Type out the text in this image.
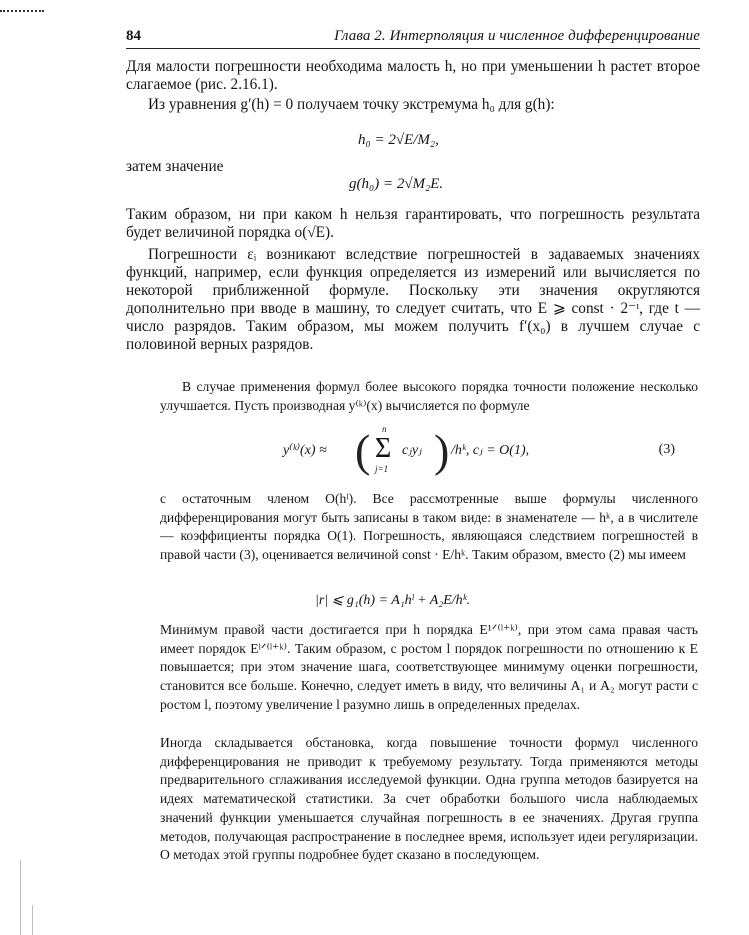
84	Глава 2. Интерполяция и численное дифференцирование

Для малости погрешности необходима малость h, но при уменьшении h растет второе слагаемое (рис. 2.16.1).

Из уравнения g′(h) = 0 получаем точку экстремума h₀ для g(h):

h₀ = 2√E/M₂,

затем значение

g(h₀) = 2√M₂E.

Таким образом, ни при каком h нельзя гарантировать, что погрешность результата будет величиной порядка o(√E).

Погрешности εᵢ возникают вследствие погрешностей в задаваемых значениях функций, например, если функция определяется из измерений или вычисляется по некоторой приближенной формуле. Поскольку эти значения округляются дополнительно при вводе в машину, то следует считать, что E ⩾ const · 2⁻ᵗ, где t — число разрядов. Таким образом, мы можем получить f′(x₀) в лучшем случае с половиной верных разрядов.

В случае применения формул более высокого порядка точности положение несколько улучшается. Пусть производная y⁽ᵏ⁾(x) вычисляется по формуле

y⁽ᵏ⁾(x) ≈ ( n
Σ
j=1
cⱼyⱼ ) /hᵏ, cⱼ = O(1),	(3)

с остаточным членом O(hˡ). Все рассмотренные выше формулы численного дифференцирования могут быть записаны в таком виде: в знаменателе — hᵏ, а в числителе — коэффициенты порядка O(1). Погрешность, являющаяся следствием погрешностей в правой части (3), оценивается величиной const · E/hᵏ. Таким образом, вместо (2) мы имеем

|r| ⩽ g₁(h) = A₁hˡ + A₂E/hᵏ.

Минимум правой части достигается при h порядка E¹ᐟ⁽ˡ⁺ᵏ⁾, при этом сама правая часть имеет порядок Eˡᐟ⁽ˡ⁺ᵏ⁾. Таким образом, с ростом l порядок погрешности по отношению к E повышается; при этом значение шага, соответствующее минимуму оценки погрешности, становится все больше. Конечно, следует иметь в виду, что величины A₁ и A₂ могут расти с ростом l, поэтому увеличение l разумно лишь в определенных пределах.

Иногда складывается обстановка, когда повышение точности формул численного дифференцирования не приводит к требуемому результату. Тогда применяются методы предварительного сглаживания исследуемой функции. Одна группа методов базируется на идеях математической статистики. За счет обработки большого числа наблюдаемых значений функции уменьшается случайная погрешность в ее значениях. Другая группа методов, получающая распространение в последнее время, использует идеи регуляризации. О методах этой группы подробнее будет сказано в последующем.
